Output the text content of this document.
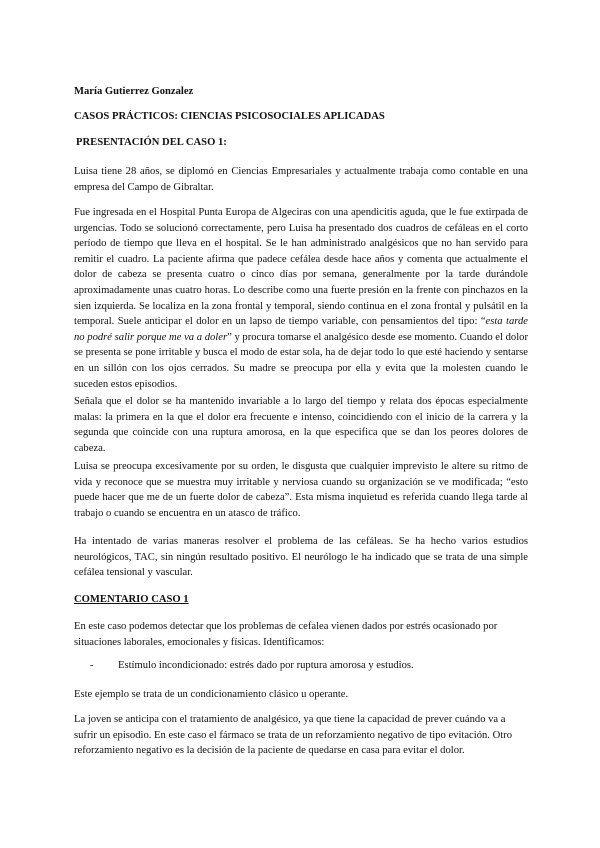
María Gutierrez Gonzalez

CASOS PRÁCTICOS: CIENCIAS PSICOSOCIALES APLICADAS

PRESENTACIÓN DEL CASO 1:

Luisa tiene 28 años, se diplomó en Ciencias Empresariales y actualmente trabaja como contable en una empresa del Campo de Gibraltar.

Fue ingresada en el Hospital Punta Europa de Algeciras con una apendicitis aguda, que le fue extirpada de urgencias. Todo se solucionó correctamente, pero Luisa ha presentado dos cuadros de cefáleas en el corto período de tiempo que lleva en el hospital. Se le han administrado analgésicos que no han servido para remitir el cuadro. La paciente afirma que padece cefálea desde hace años y comenta que actualmente el dolor de cabeza se presenta cuatro o cinco días por semana, generalmente por la tarde durándole aproximadamente unas cuatro horas. Lo describe como una fuerte presión en la frente con pinchazos en la sien izquierda. Se localiza en la zona frontal y temporal, siendo continua en el zona frontal y pulsátil en la temporal. Suele anticipar el dolor en un lapso de tiempo variable, con pensamientos del tipo: “esta tarde no podré salir porque me va a doler” y procura tomarse el analgésico desde ese momento. Cuando el dolor se presenta se pone irritable y busca el modo de estar sola, ha de dejar todo lo que esté haciendo y sentarse en un sillón con los ojos cerrados. Su madre se preocupa por ella y evita que la molesten cuando le suceden estos episodios.

Señala que el dolor se ha mantenido invariable a lo largo del tiempo y relata dos épocas especialmente malas: la primera en la que el dolor era frecuente e intenso, coincidiendo con el inicio de la carrera y la segunda que coincide con una ruptura amorosa, en la que especifica que se dan los peores dolores de cabeza.

Luisa se preocupa excesivamente por su orden, le disgusta que cualquier imprevisto le altere su ritmo de vida y reconoce que se muestra muy irritable y nerviosa cuando su organización se ve modificada; “esto puede hacer que me de un fuerte dolor de cabeza”. Esta misma inquietud es referida cuando llega tarde al trabajo o cuando se encuentra en un atasco de tráfico.

Ha intentado de varias maneras resolver el problema de las cefáleas. Se ha hecho varios estudios neurológicos, TAC, sin ningún resultado positivo. El neurólogo le ha indicado que se trata de una simple cefálea tensional y vascular.

COMENTARIO CASO 1

En este caso podemos detectar que los problemas de cefalea vienen dados por estrés ocasionado por situaciones laborales, emocionales y físicas. Identificamos:

- Estímulo incondicionado: estrés dado por ruptura amorosa y estudios.

Este ejemplo se trata de un condicionamiento clásico u operante.

La joven se anticipa con el tratamiento de analgésico, ya que tiene la capacidad de prever cuándo va a sufrir un episodio. En este caso el fármaco se trata de un reforzamiento negativo de tipo evitación. Otro reforzamiento negativo es la decisión de la paciente de quedarse en casa para evitar el dolor.
